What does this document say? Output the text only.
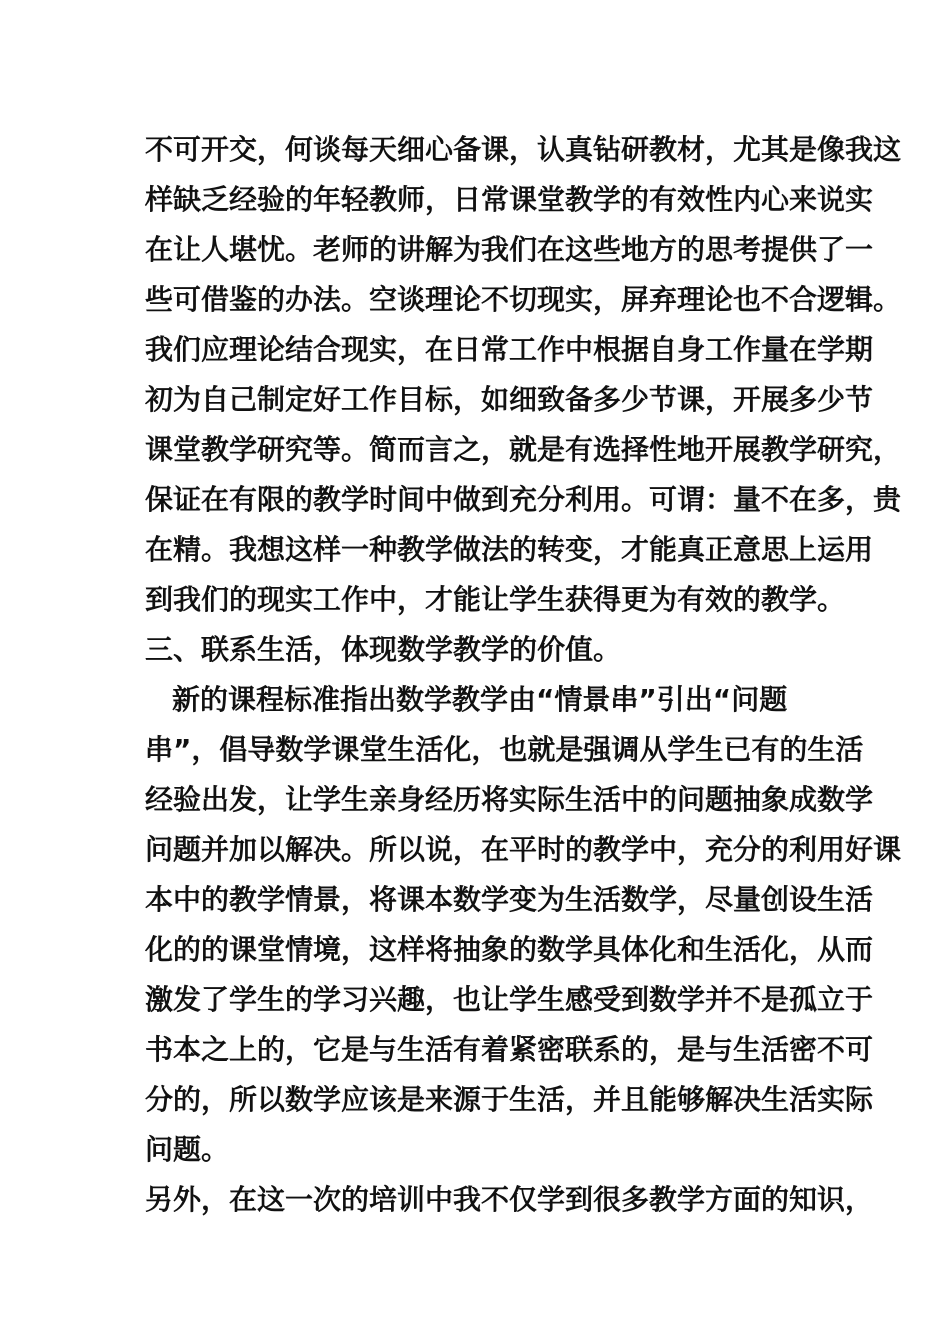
不可开交，何谈每天细心备课，认真钻研教材，尤其是像我这
样缺乏经验的年轻教师，日常课堂教学的有效性内心来说实
在让人堪忧。老师的讲解为我们在这些地方的思考提供了一
些可借鉴的办法。空谈理论不切现实，屏弃理论也不合逻辑。
我们应理论结合现实，在日常工作中根据自身工作量在学期
初为自己制定好工作目标，如细致备多少节课，开展多少节
课堂教学研究等。简而言之，就是有选择性地开展教学研究，
保证在有限的教学时间中做到充分利用。可谓：量不在多，贵
在精。我想这样一种教学做法的转变，才能真正意思上运用
到我们的现实工作中，才能让学生获得更为有效的教学。
三、联系生活，体现数学教学的价值。
新的课程标准指出数学教学由“情景串”引出“问题
串”，倡导数学课堂生活化，也就是强调从学生已有的生活
经验出发，让学生亲身经历将实际生活中的问题抽象成数学
问题并加以解决。所以说，在平时的教学中，充分的利用好课
本中的教学情景，将课本数学变为生活数学，尽量创设生活
化的的课堂情境，这样将抽象的数学具体化和生活化，从而
激发了学生的学习兴趣，也让学生感受到数学并不是孤立于
书本之上的，它是与生活有着紧密联系的，是与生活密不可
分的，所以数学应该是来源于生活，并且能够解决生活实际
问题。
另外，在这一次的培训中我不仅学到很多教学方面的知识，
